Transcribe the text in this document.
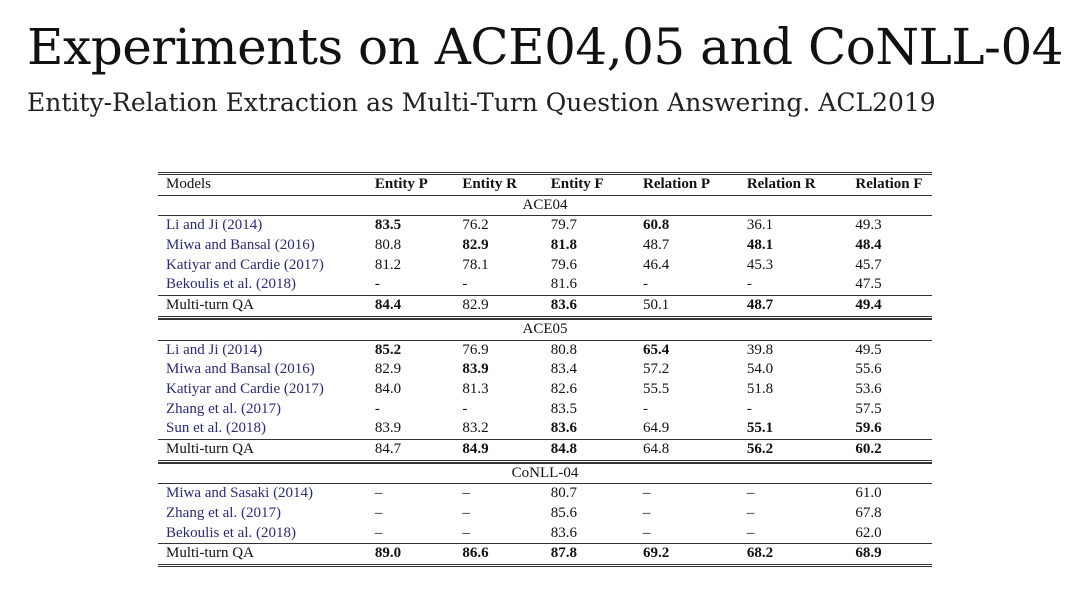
Experiments on ACE04,05 and CoNLL-04
Entity-Relation Extraction as Multi-Turn Question Answering. ACL2019
Models	Entity P	Entity R	Entity F	Relation P	Relation R	Relation F
ACE04
Li and Ji (2014)	83.5	76.2	79.7	60.8	36.1	49.3
Miwa and Bansal (2016)	80.8	82.9	81.8	48.7	48.1	48.4
Katiyar and Cardie (2017)	81.2	78.1	79.6	46.4	45.3	45.7
Bekoulis et al. (2018)	-	-	81.6	-	-	47.5
Multi-turn QA	84.4	82.9	83.6	50.1	48.7	49.4
ACE05
Li and Ji (2014)	85.2	76.9	80.8	65.4	39.8	49.5
Miwa and Bansal (2016)	82.9	83.9	83.4	57.2	54.0	55.6
Katiyar and Cardie (2017)	84.0	81.3	82.6	55.5	51.8	53.6
Zhang et al. (2017)	-	-	83.5	-	-	57.5
Sun et al. (2018)	83.9	83.2	83.6	64.9	55.1	59.6
Multi-turn QA	84.7	84.9	84.8	64.8	56.2	60.2
CoNLL-04
Miwa and Sasaki (2014)	–	–	80.7	–	–	61.0
Zhang et al. (2017)	–	–	85.6	–	–	67.8
Bekoulis et al. (2018)	–	–	83.6	–	–	62.0
Multi-turn QA	89.0	86.6	87.8	69.2	68.2	68.9
